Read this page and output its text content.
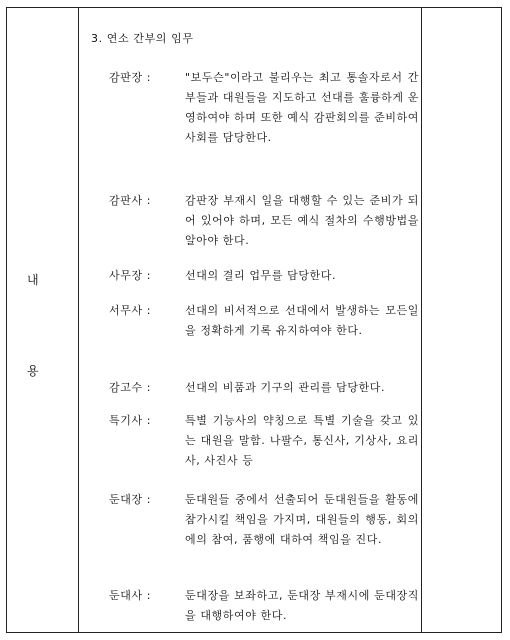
내
용
3. 연소 간부의 임무
감판장 :	"보두슨"이라고 불리우는 최고 통솔자로서 간부들과 대원들을 지도하고 선대를 훌륭하게 운영하여야 하며 또한 예식 감판회의를 준비하여 사회를 담당한다.
감판사 :	감판장 부재시 일을 대행할 수 있는 준비가 되어 있어야 하며, 모든 예식 절차의 수행방법을 알아야 한다.
사무장 :	선대의 결리 업무를 담당한다.
서무사 :	선대의 비서적으로 선대에서 발생하는 모든일을 정확하게 기록 유지하여야 한다.
감고수 :	선대의 비품과 기구의 관리를 담당한다.
특기사 :	특별 기능사의 약칭으로 특별 기술을 갖고 있는 대원을 말함. 나팔수, 통신사, 기상사, 요리사, 사진사 등
둔대장 :	둔대원들 중에서 선출되어 둔대원들을 활동에 참가시킬 책임을 가지며, 대원들의 행동, 회의에의 참여, 품행에 대하여 책임을 진다.
둔대사 :	둔대장을 보좌하고, 둔대장 부재시에 둔대장직을 대행하여야 한다.
